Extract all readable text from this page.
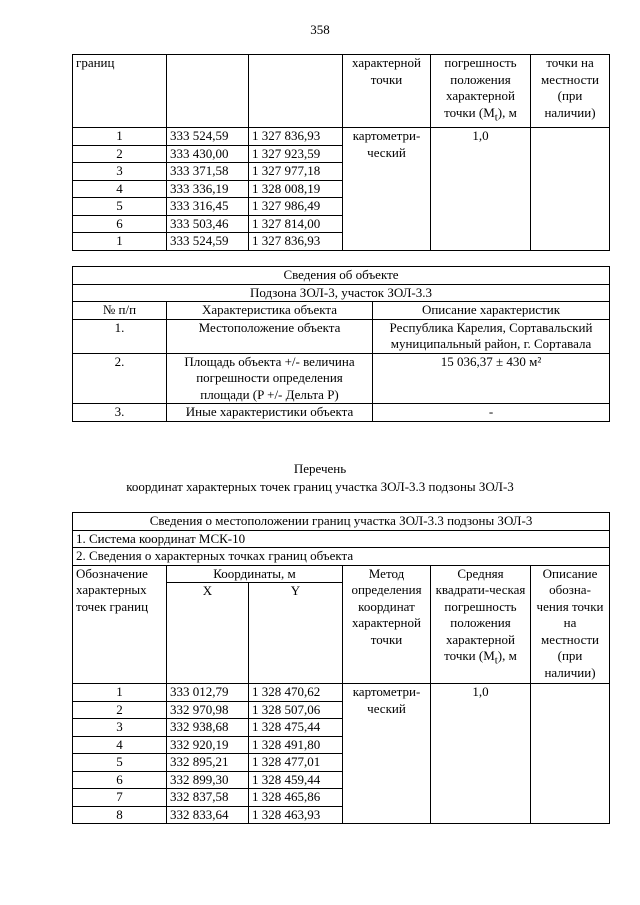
358
границ			характерной точки	погрешность положения характерной точки $(M_t)$, м	точки на местности (при наличии)
1	333 524,59	1 327 836,93	картометри-ческий	1,0	
2	333 430,00	1 327 923,59			
3	333 371,58	1 327 977,18			
4	333 336,19	1 328 008,19			
5	333 316,45	1 327 986,49			
6	333 503,46	1 327 814,00			
1	333 524,59	1 327 836,93			
Сведения об объекте		
Подзона ЗОЛ-3, участок ЗОЛ-3.3		
№ п/п	Характеристика объекта	Описание характеристик
1.	Местоположение объекта	Республика Карелия, Сортавальский муниципальный район, г. Сортавала
2.	Площадь объекта +/- величина погрешности определения площади (P +/- Дельта P)	15 036,37 ± 430 м²
3.	Иные характеристики объекта	-
Перечень
координат характерных точек границ участка ЗОЛ-3.3 подзоны ЗОЛ-3
Сведения о местоположении границ участка ЗОЛ-3.3 подзоны ЗОЛ-3					
1. Система координат МСК-10					
2. Сведения о характерных точках границ объекта					
Обозначение характерных точек границ	Координаты, м		Метод определения координат характерной точки	Средняя квадрати-ческая погрешность положения характерной точки $(M_t)$, м	Описание обозна-чения точки на местности (при наличии)
	X	Y			
1	333 012,79	1 328 470,62	картометри-ческий	1,0	
2	332 970,98	1 328 507,06			
3	332 938,68	1 328 475,44			
4	332 920,19	1 328 491,80			
5	332 895,21	1 328 477,01			
6	332 899,30	1 328 459,44			
7	332 837,58	1 328 465,86			
8	332 833,64	1 328 463,93			
